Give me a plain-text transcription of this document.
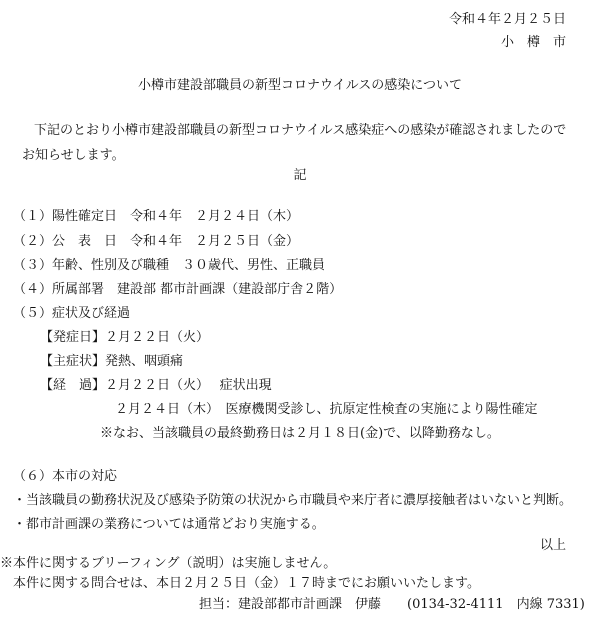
令和４年２月２５日
小　樽　市
小樽市建設部職員の新型コロナウイルスの感染について
下記のとおり小樽市建設部職員の新型コロナウイルス感染症への感染が確認されましたので
お知らせします。
記
（１）陽性確定日　令和４年　２月２４日（木）
（２）公　表　日　令和４年　２月２５日（金）
（３）年齢、性別及び職種　３０歳代、男性、正職員
（４）所属部署　建設部 都市計画課（建設部庁舎２階）
（５）症状及び経過
【発症日】２月２２日（火）
【主症状】発熱、咽頭痛
【経　過】２月２２日（火）　 症状出現
２月２４日（木）　医療機関受診し、抗原定性検査の実施により陽性確定
※なお、当該職員の最終勤務日は２月１８日(金)で、以降勤務なし。
（６）本市の対応
・当該職員の勤務状況及び感染予防策の状況から市職員や来庁者に濃厚接触者はいないと判断。
・都市計画課の業務については通常どおり実施する。
以上
※本件に関するブリーフィング（説明）は実施しません。
本件に関する問合せは、本日２月２５日（金）１７時までにお願いいたします。
担当：建設部都市計画課　伊藤　　(0134-32-4111　内線 7331)
